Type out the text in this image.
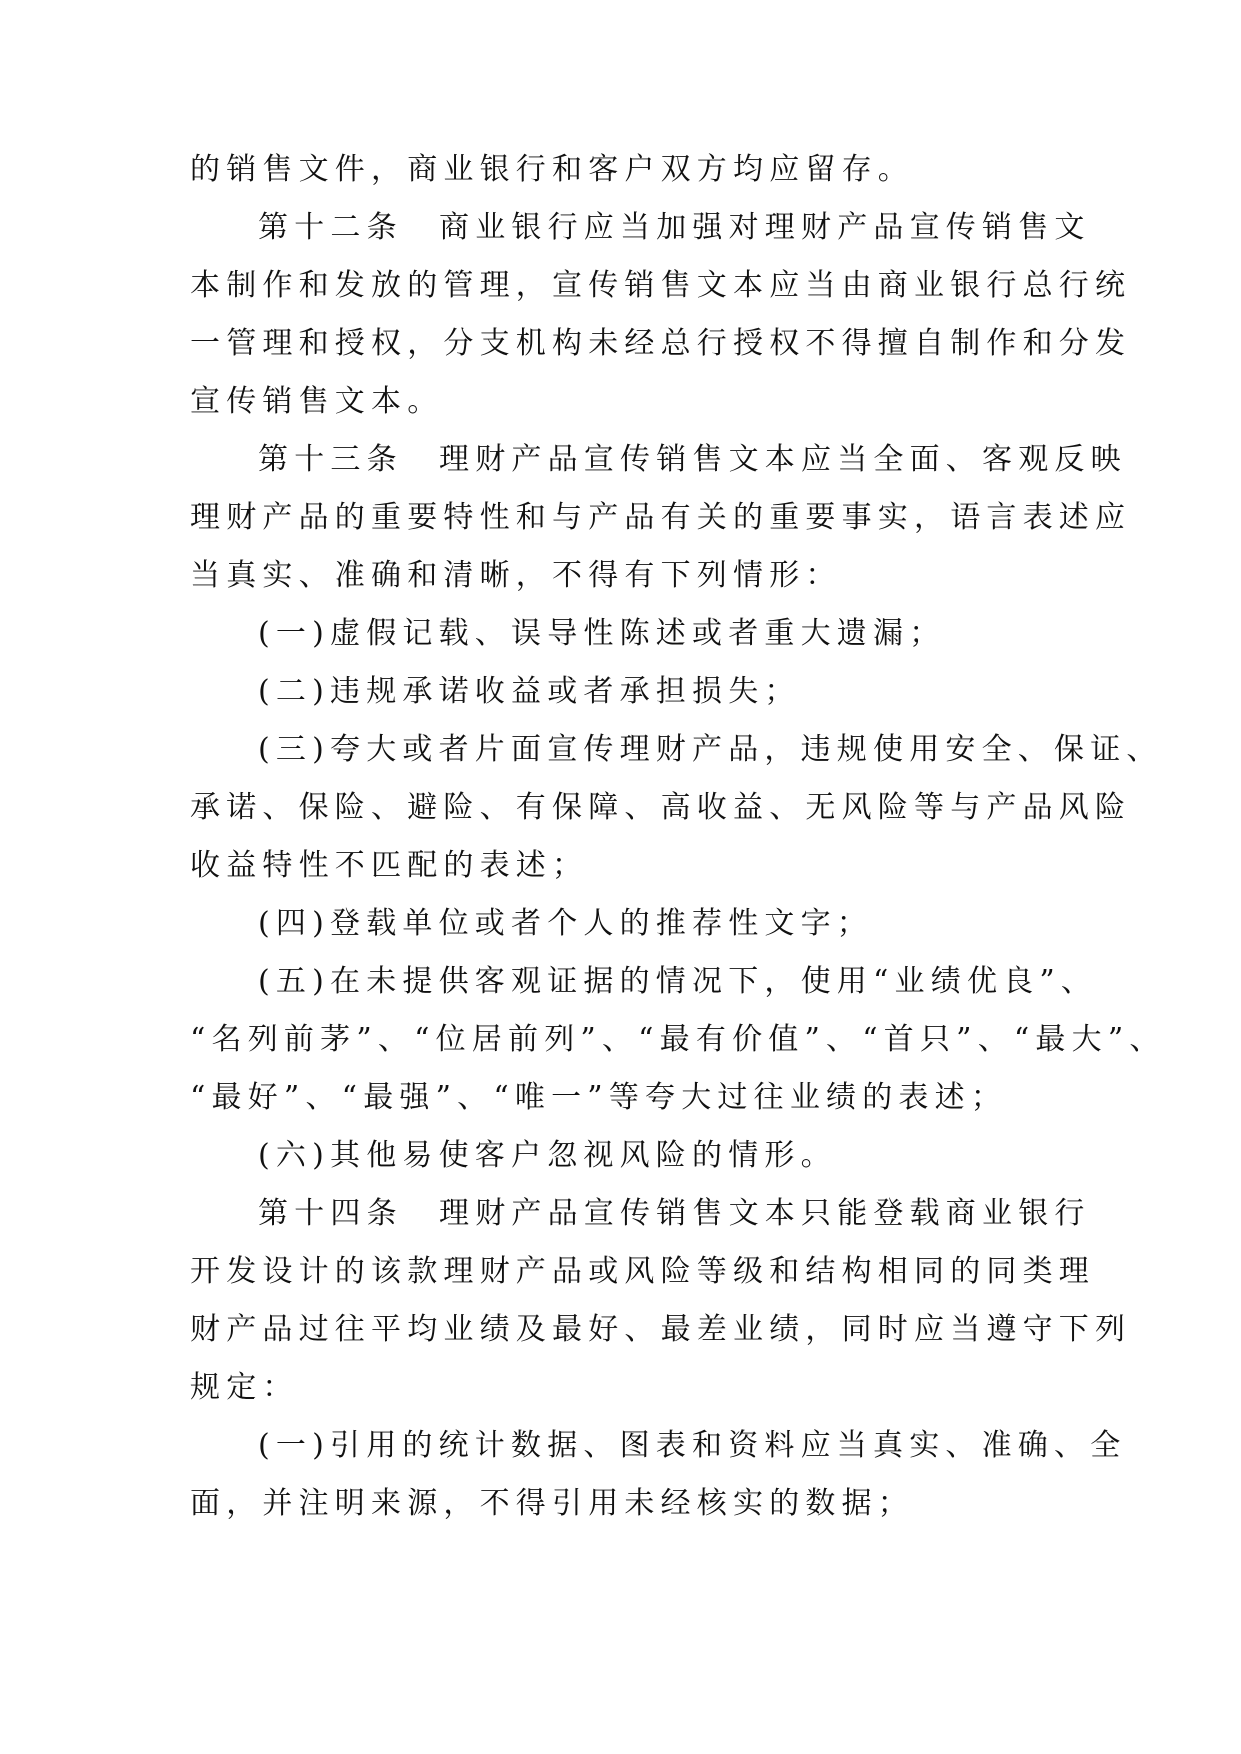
的销售文件，商业银行和客户双方均应留存。
第十二条　商业银行应当加强对理财产品宣传销售文
本制作和发放的管理，宣传销售文本应当由商业银行总行统
一管理和授权，分支机构未经总行授权不得擅自制作和分发
宣传销售文本。
第十三条　理财产品宣传销售文本应当全面、客观反映
理财产品的重要特性和与产品有关的重要事实，语言表述应
当真实、准确和清晰，不得有下列情形：
(一)虚假记载、误导性陈述或者重大遗漏；
(二)违规承诺收益或者承担损失；
(三)夸大或者片面宣传理财产品，违规使用安全、保证、
承诺、保险、避险、有保障、高收益、无风险等与产品风险
收益特性不匹配的表述；
(四)登载单位或者个人的推荐性文字；
(五)在未提供客观证据的情况下，使用“业绩优良”、
“名列前茅”、“位居前列”、“最有价值”、“首只”、“最大”、
“最好”、“最强”、“唯一”等夸大过往业绩的表述；
(六)其他易使客户忽视风险的情形。
第十四条　理财产品宣传销售文本只能登载商业银行
开发设计的该款理财产品或风险等级和结构相同的同类理
财产品过往平均业绩及最好、最差业绩，同时应当遵守下列
规定：
(一)引用的统计数据、图表和资料应当真实、准确、全
面，并注明来源，不得引用未经核实的数据；
